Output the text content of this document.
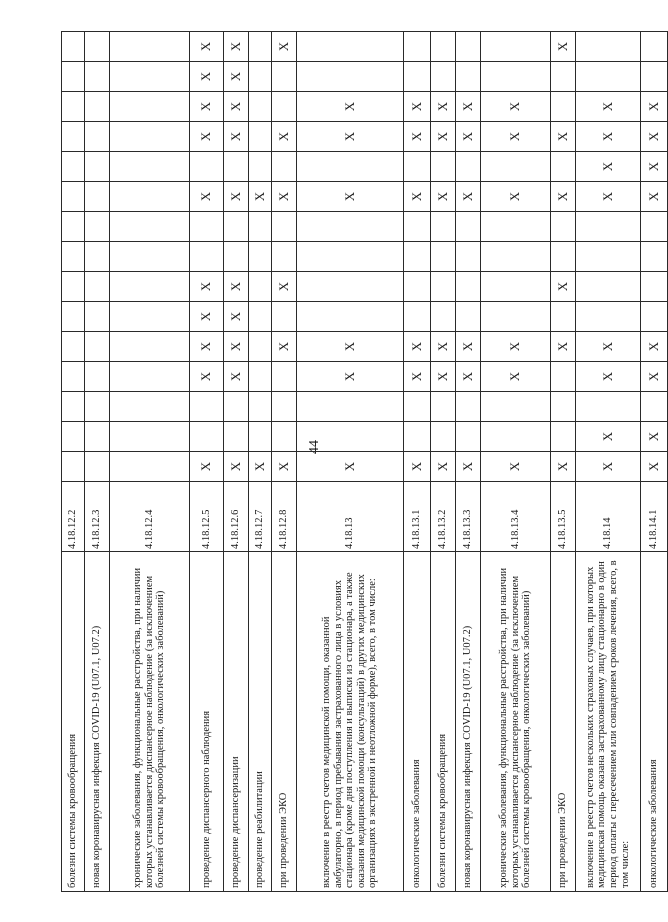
44
болезни системы кровообращения	4.18.12.2															
новая коронавирусная инфекция COVID-19 (U07.1, U07.2)	4.18.12.3															
хронические заболевания, функциональные расстройства, при наличии которых устанавливается диспансерное наблюдение (за исключением болезней системы кровообращения, онкологических заболеваний)	4.18.12.4															
проведение диспансерного наблюдения	4.18.12.5	X			X	X	X	X			X		X	X	X	X
проведение диспансеризации	4.18.12.6	X			X	X	X	X			X		X	X	X	X
проведение реабилитации	4.18.12.7	X									X					
при проведении ЭКО	4.18.12.8	X				X		X			X		X			X
включение в реестр счетов медицинской помощи, оказанной амбулаторно, в период пребывания застрахованного лица в условиях стационара (кроме дня поступления и выписки из стационара, а также оказания медицинской помощи (консультаций) в других медицинских организациях в экстренной и неотложной форме), всего, в том числе:	4.18.13	X			X	X					X		X	X		
онкологические заболевания	4.18.13.1	X			X	X					X		X	X		
болезни системы кровообращения	4.18.13.2	X			X	X					X		X	X		
новая коронавирусная инфекция COVID-19 (U07.1, U07.2)	4.18.13.3	X			X	X					X		X	X		
хронические заболевания, функциональные расстройства, при наличии которых устанавливается диспансерное наблюдение (за исключением болезней системы кровообращения, онкологических заболеваний)	4.18.13.4	X			X	X					X		X	X		
при проведении ЭКО	4.18.13.5	X				X		X			X		X			X
включение в реестр счетов нескольких страховых случаев, при которых медицинская помощь оказана застрахованному лицу стационарно в один период оплаты с пересечением или совпадением сроков лечения, всего, в том числе:	4.18.14	X	X		X	X					X	X	X	X		
онкологические заболевания	4.18.14.1	X	X		X	X					X	X	X	X		
